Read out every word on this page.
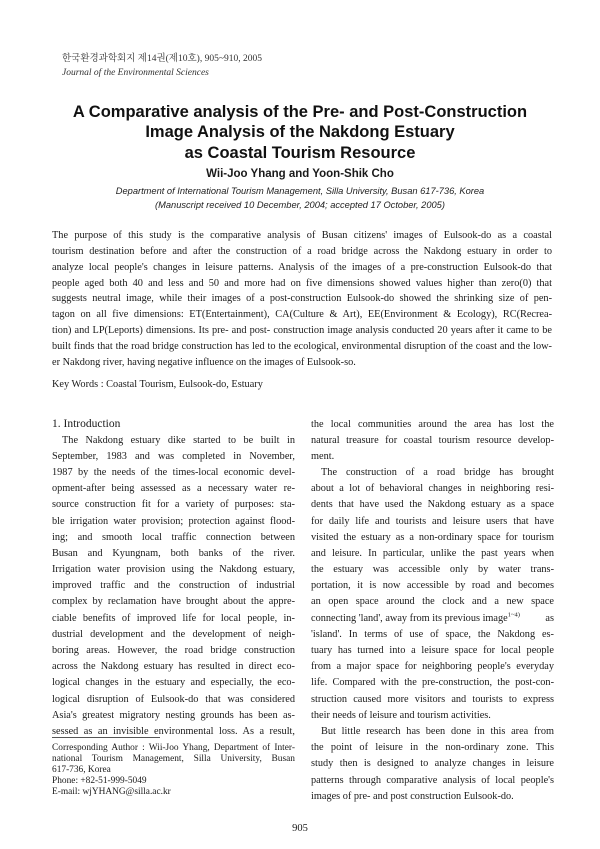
한국환경과학회지 제14권(제10호), 905~910, 2005
Journal of the Environmental Sciences
A Comparative analysis of the Pre- and Post-Construction
Image Analysis of the Nakdong Estuary
as Coastal Tourism Resource
Wii-Joo Yhang and Yoon-Shik Cho
Department of International Tourism Management, Silla University, Busan 617-736, Korea
(Manuscript received 10 December, 2004; accepted 17 October, 2005)
The purpose of this study is the comparative analysis of Busan citizens' images of Eulsook-do as a coastal
tourism destination before and after the construction of a road bridge across the Nakdong estuary in order to
analyze local people's changes in leisure patterns. Analysis of the images of a pre-construction Eulsook-do that
people aged both 40 and less and 50 and more had on five dimensions showed values higher than zero(0) that
suggests neutral image, while their images of a post-construction Eulsook-do showed the shrinking size of pen-
tagon on all five dimensions: ET(Entertainment), CA(Culture & Art), EE(Environment & Ecology), RC(Recrea-
tion) and LP(Leports) dimensions. Its pre- and post- construction image analysis conducted 20 years after it came to be
built finds that the road bridge construction has led to the ecological, environmental disruption of the coast and the low-
er Nakdong river, having negative influence on the images of Eulsook-so.
Key Words : Coastal Tourism, Eulsook-do, Estuary
1. Introduction
The Nakdong estuary dike started to be built in
September, 1983 and was completed in November,
1987 by the needs of the times-local economic devel-
opment-after being assessed as a necessary water re-
source construction fit for a variety of purposes: sta-
ble irrigation water provision; protection against flood-
ing; and smooth local traffic connection between
Busan and Kyungnam, both banks of the river.
Irrigation water provision using the Nakdong estuary,
improved traffic and the construction of industrial
complex by reclamation have brought about the appre-
ciable benefits of improved life for local people, in-
dustrial development and the development of neigh-
boring areas. However, the road bridge construction
across the Nakdong estuary has resulted in direct eco-
logical changes in the estuary and especially, the eco-
logical disruption of Eulsook-do that was considered
Asia's greatest migratory nesting grounds has been as-
sessed as an invisible environmental loss. As a result,
Corresponding Author : Wii-Joo Yhang, Department of Inter-
national Tourism Management, Silla University, Busan
617-736, Korea
Phone: +82-51-999-5049
E-mail: wjYHANG@silla.ac.kr
the local communities around the area has lost the
natural treasure for coastal tourism resource develop-
ment.
The construction of a road bridge has brought
about a lot of behavioral changes in neighboring resi-
dents that have used the Nakdong estuary as a space
for daily life and tourists and leisure users that have
visited the estuary as a non-ordinary space for tourism
and leisure. In particular, unlike the past years when
the estuary was accessible only by water trans-
portation, it is now accessible by road and becomes
an open space around the clock and a new space
connecting 'land', away from its previous image$^{1\sim 4)}$ as
'island'. In terms of use of space, the Nakdong es-
tuary has turned into a leisure space for local people
from a major space for neighboring people's everyday
life. Compared with the pre-construction, the post-con-
struction caused more visitors and tourists to express
their needs of leisure and tourism activities.
But little research has been done in this area from
the point of leisure in the non-ordinary zone. This
study then is designed to analyze changes in leisure
patterns through comparative analysis of local people's
images of pre- and post construction Eulsook-do.
905
